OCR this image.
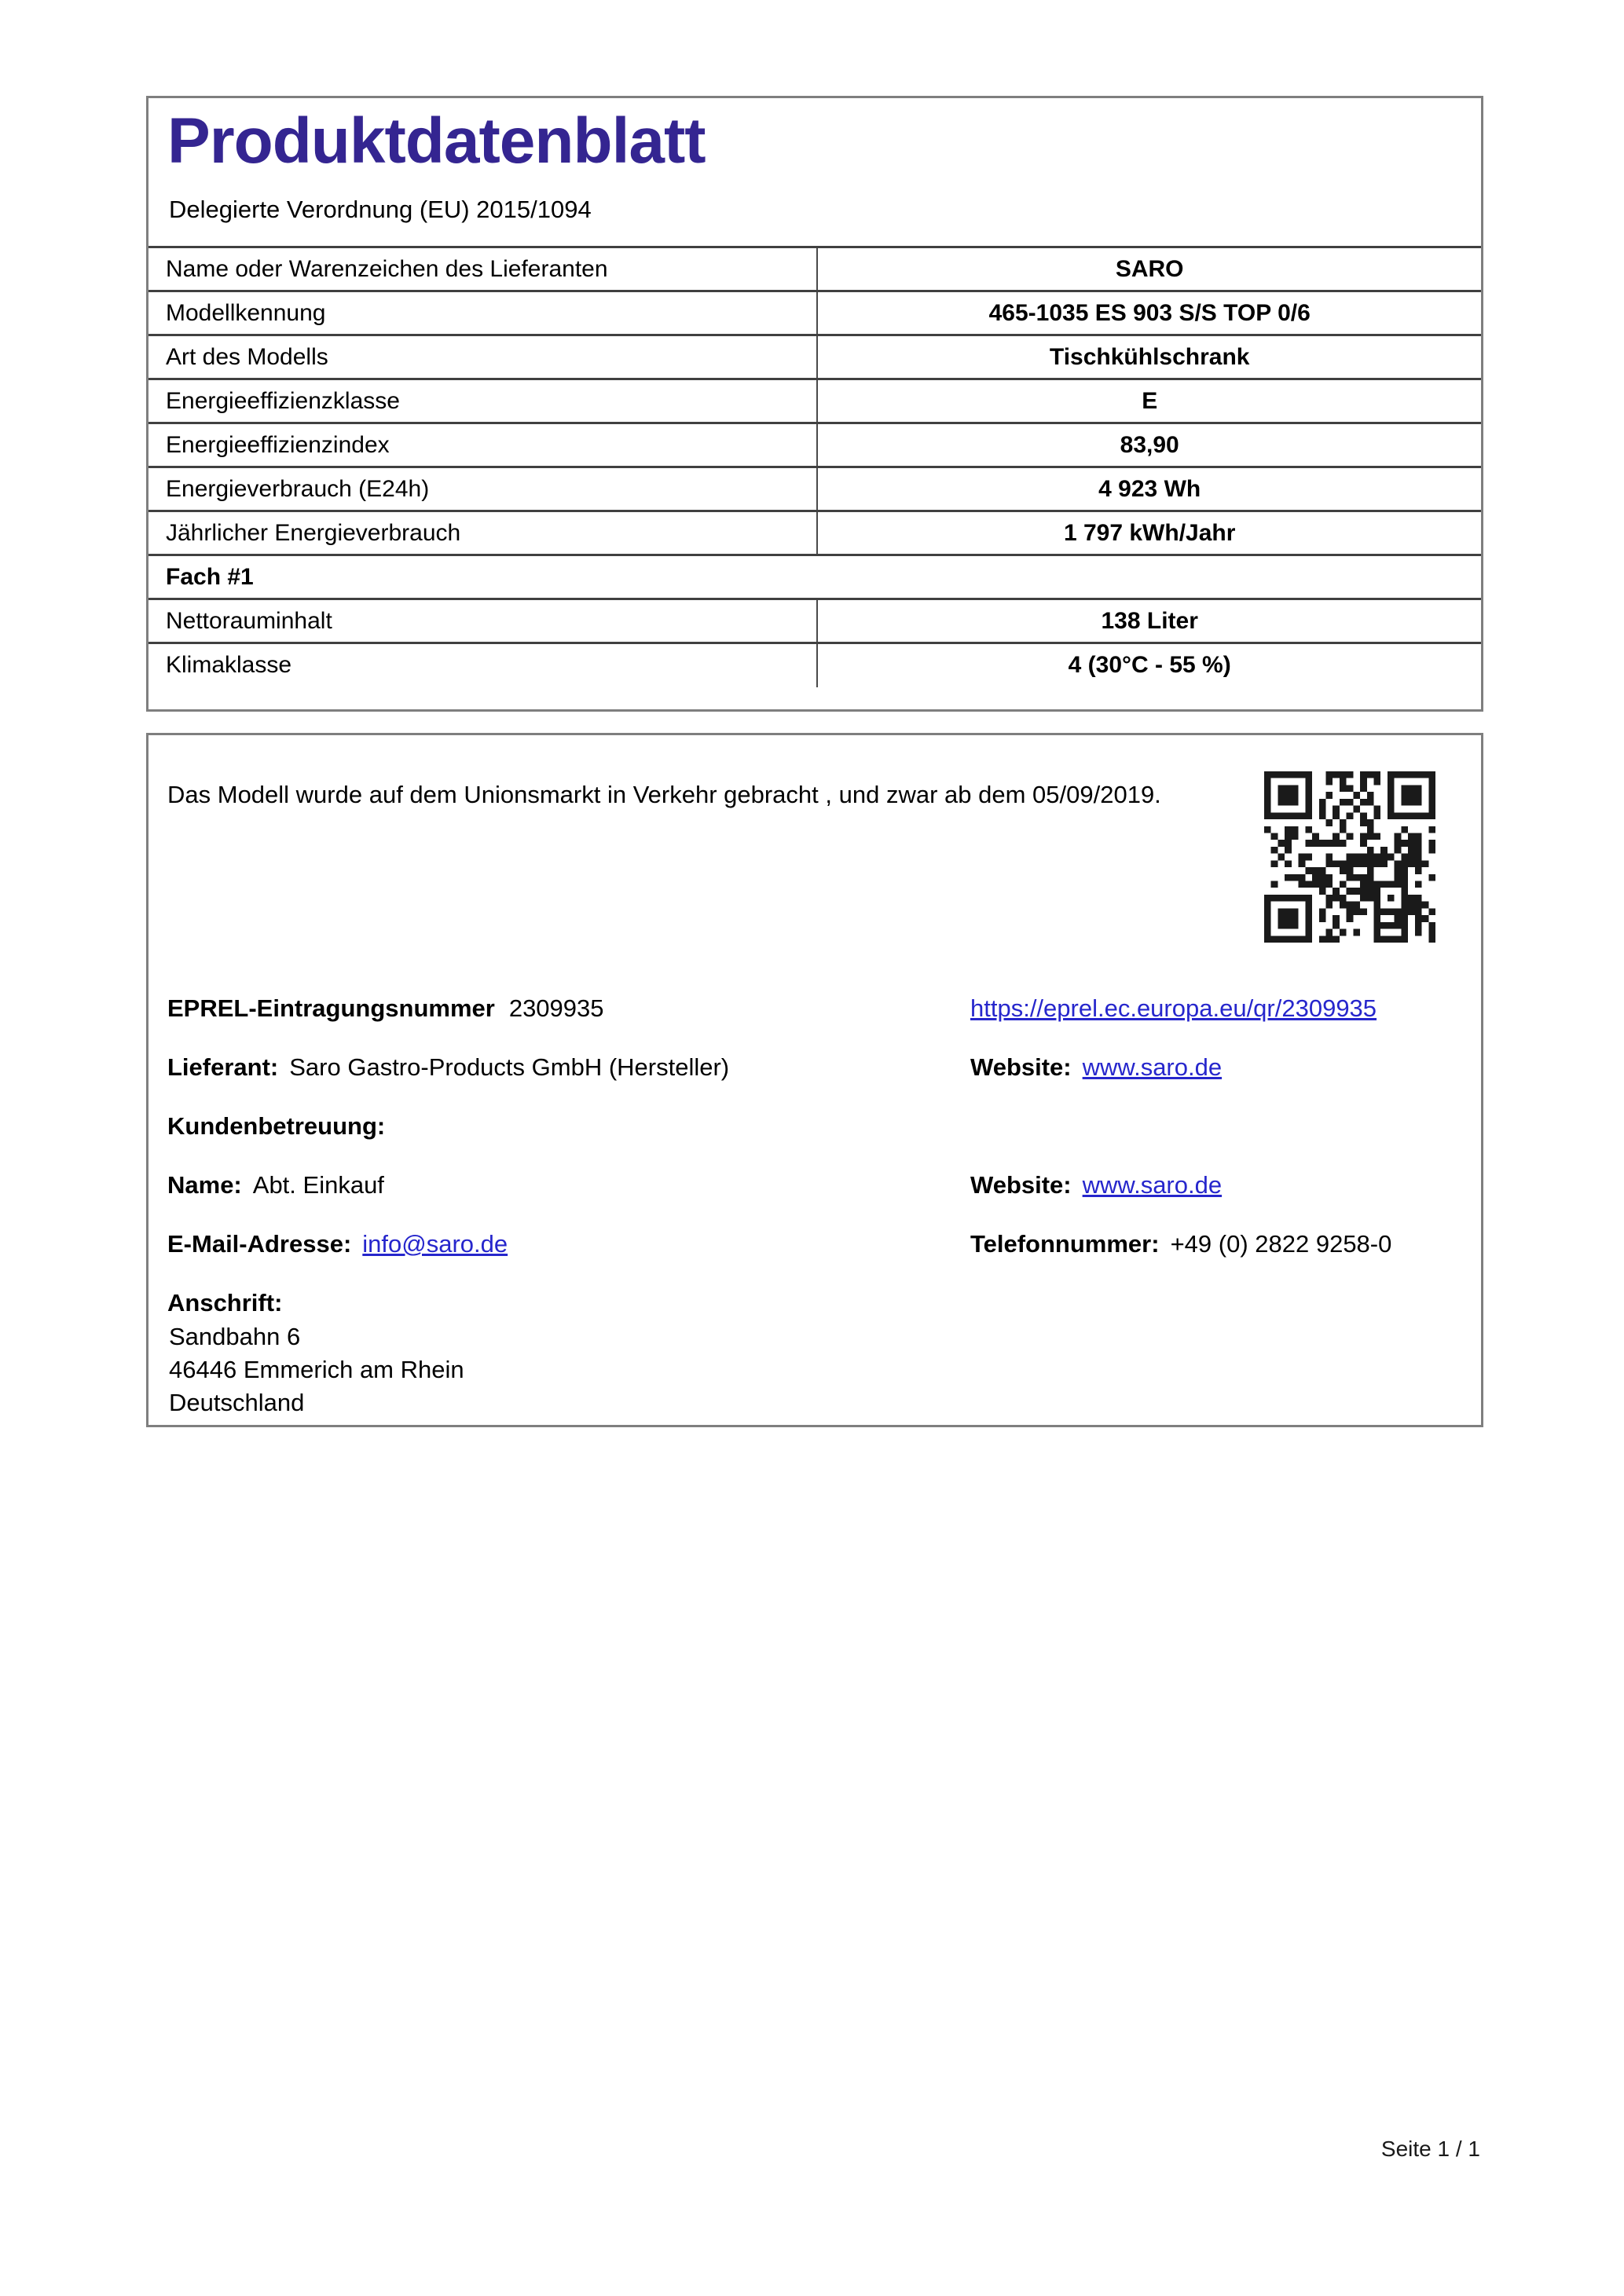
Produktdatenblatt
Delegierte Verordnung (EU) 2015/1094
Name oder Warenzeichen des Lieferanten	SARO
Modellkennung	465-1035 ES 903 S/S TOP 0/6
Art des Modells	Tischkühlschrank
Energieeffizienzklasse	E
Energieeffizienzindex	83,90
Energieverbrauch (E24h)	4 923 Wh
Jährlicher Energieverbrauch	1 797 kWh/Jahr
Fach #1	
Nettorauminhalt	138 Liter
Klimaklasse	4 (30°C - 55 %)
Das Modell wurde auf dem Unionsmarkt in Verkehr gebracht , und zwar ab dem 05/09/2019.
EPREL-Eintragungsnummer 2309935	https://eprel.ec.europa.eu/qr/2309935
Lieferant: Saro Gastro-Products GmbH (Hersteller)	Website: www.saro.de
Kundenbetreuung:
Name: Abt. Einkauf	Website: www.saro.de
E-Mail-Adresse: info@saro.de	Telefonnummer: +49 (0) 2822 9258-0
Anschrift:
Sandbahn 6
46446 Emmerich am Rhein
Deutschland
Seite 1 / 1
